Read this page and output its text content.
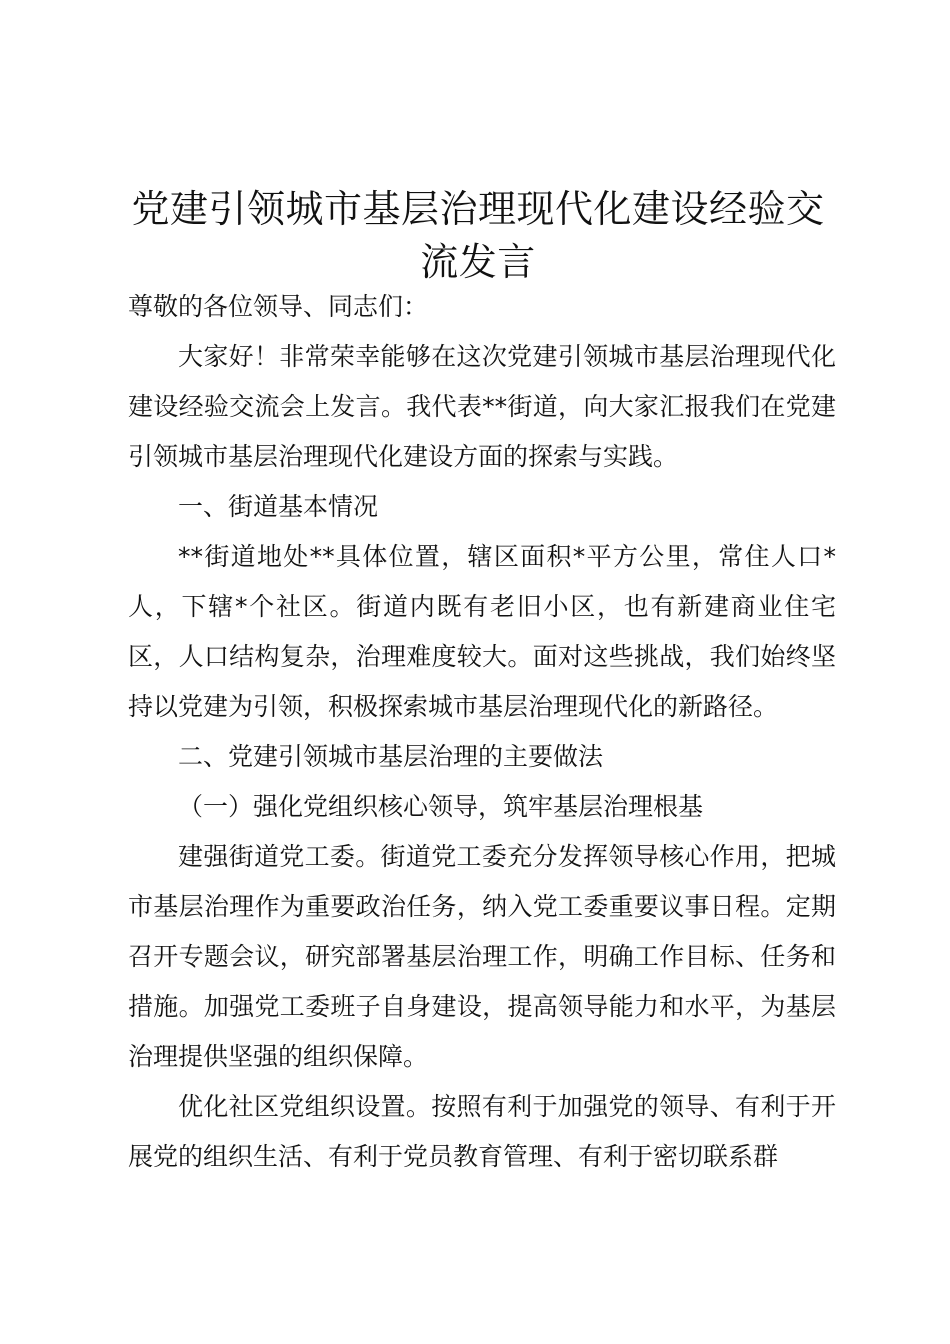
党建引领城市基层治理现代化建设经验交流发言

尊敬的各位领导、同志们：

大家好！非常荣幸能够在这次党建引领城市基层治理现代化建设经验交流会上发言。我代表**街道，向大家汇报我们在党建引领城市基层治理现代化建设方面的探索与实践。

一、街道基本情况

**街道地处**具体位置，辖区面积*平方公里，常住人口*人，下辖*个社区。街道内既有老旧小区，也有新建商业住宅区，人口结构复杂，治理难度较大。面对这些挑战，我们始终坚持以党建为引领，积极探索城市基层治理现代化的新路径。

二、党建引领城市基层治理的主要做法

（一）强化党组织核心领导，筑牢基层治理根基

建强街道党工委。街道党工委充分发挥领导核心作用，把城市基层治理作为重要政治任务，纳入党工委重要议事日程。定期召开专题会议，研究部署基层治理工作，明确工作目标、任务和措施。加强党工委班子自身建设，提高领导能力和水平，为基层治理提供坚强的组织保障。

优化社区党组织设置。按照有利于加强党的领导、有利于开展党的组织生活、有利于党员教育管理、有利于密切联系群
